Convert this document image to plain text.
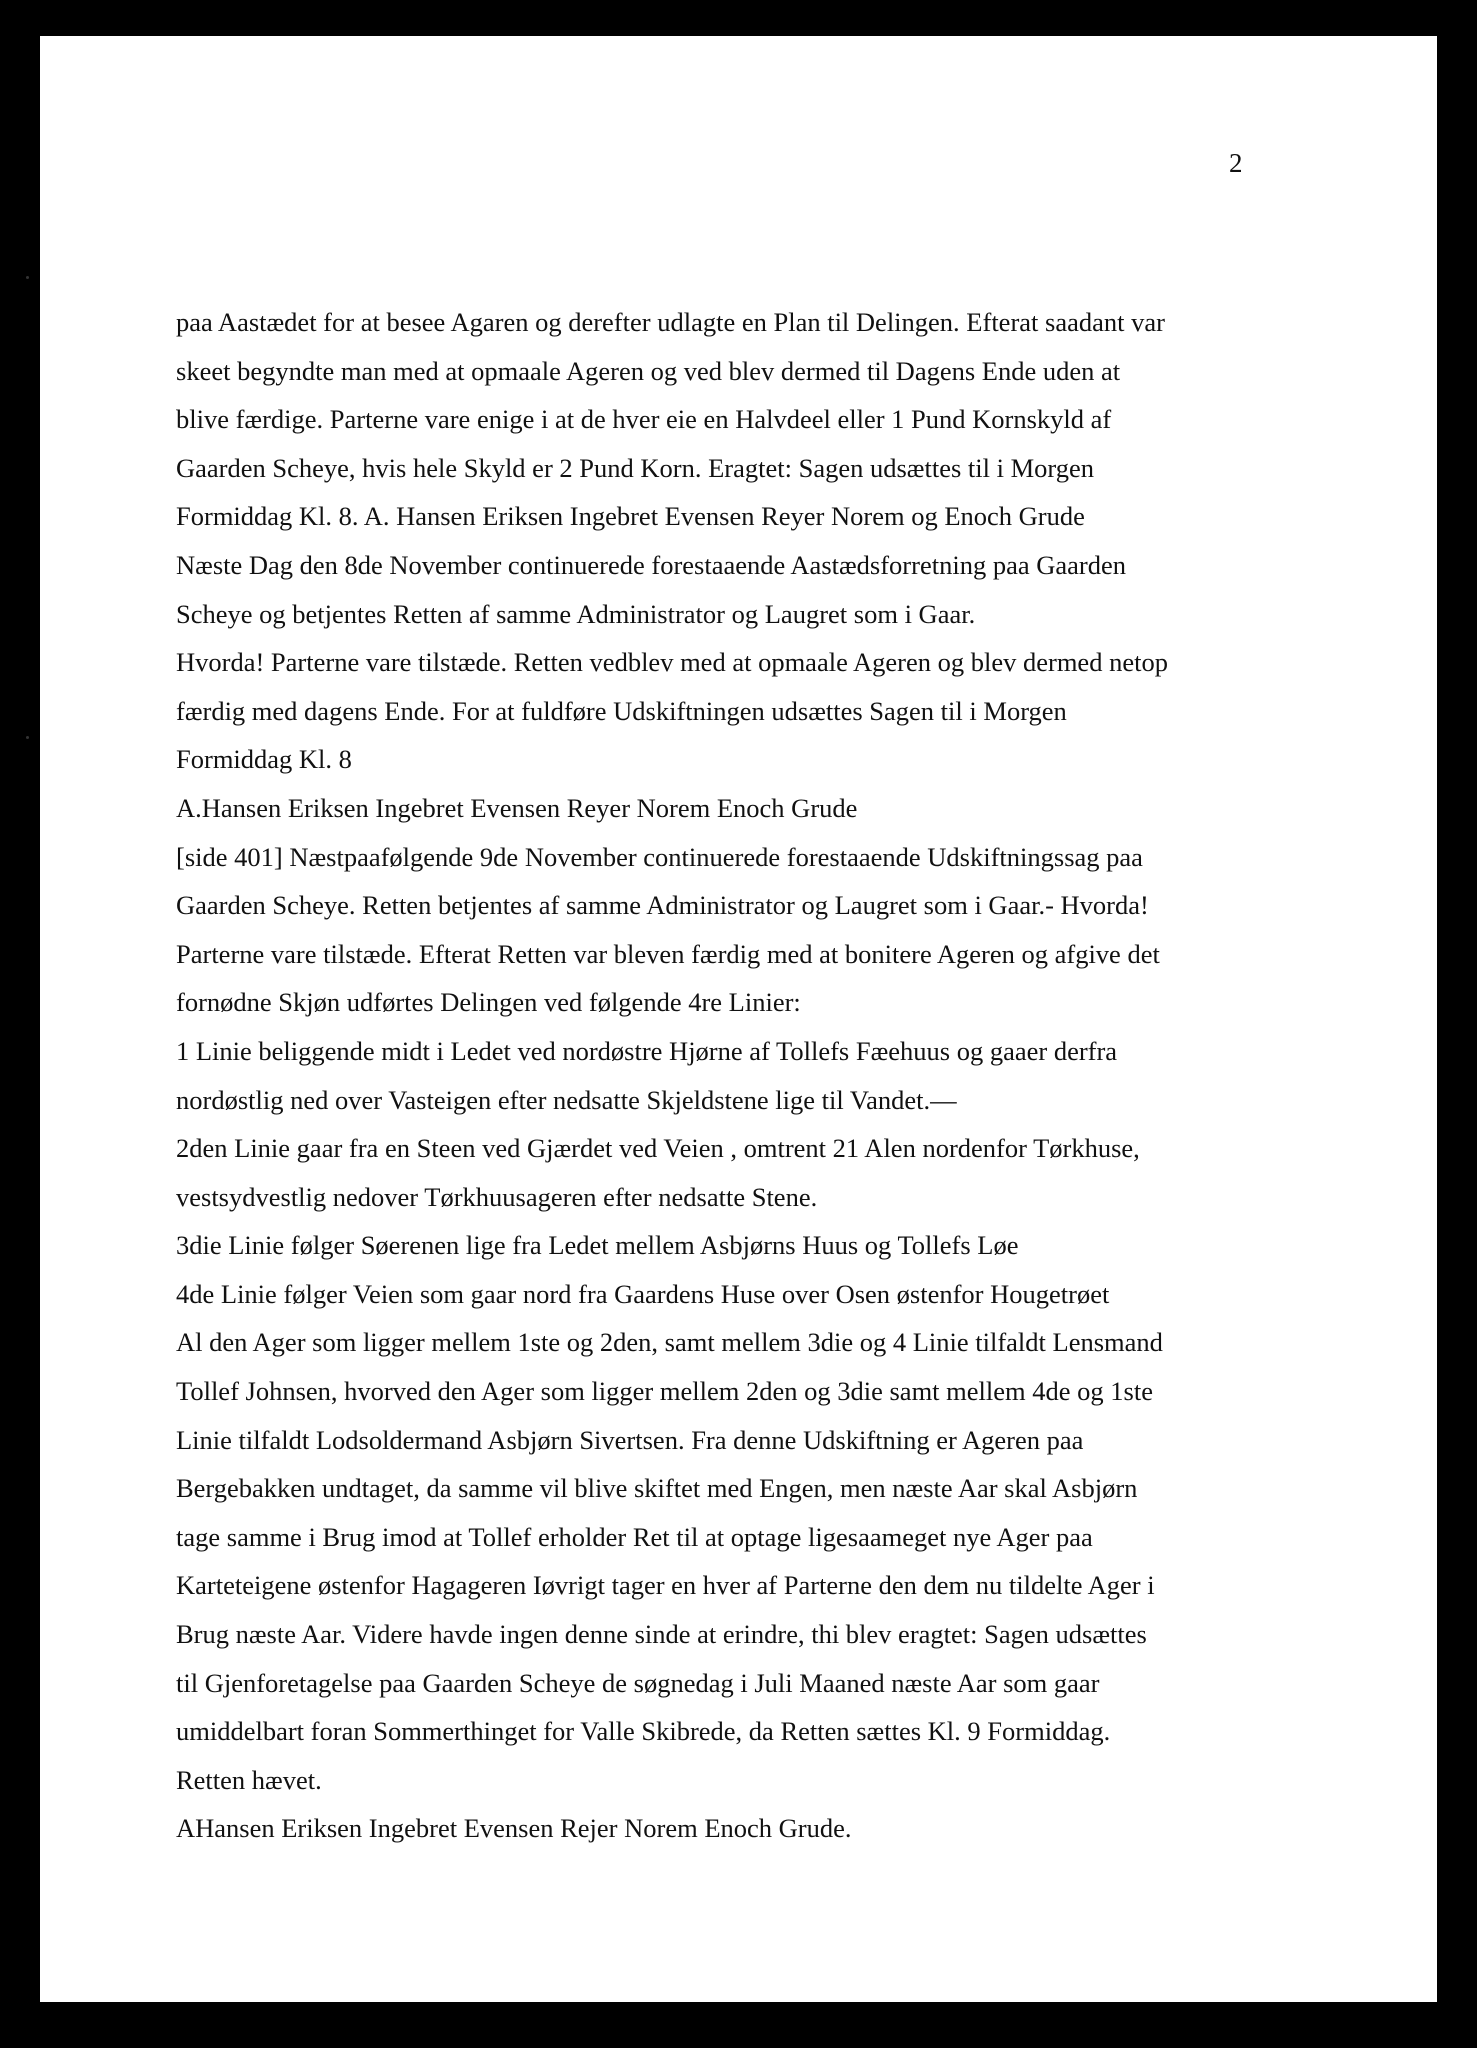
2
paa Aastædet for at besee Agaren og derefter udlagte en Plan til Delingen. Efterat saadant var
skeet begyndte man med at opmaale Ageren og ved blev dermed til Dagens Ende uden at
blive færdige. Parterne vare enige i at de hver eie en Halvdeel eller 1 Pund Kornskyld af
Gaarden Scheye, hvis hele Skyld er 2 Pund Korn. Eragtet: Sagen udsættes til i Morgen
Formiddag Kl. 8. A. Hansen Eriksen Ingebret Evensen Reyer Norem og Enoch Grude
Næste Dag den 8de November continuerede forestaaende Aastædsforretning paa Gaarden
Scheye og betjentes Retten af samme Administrator og Laugret som i Gaar.
Hvorda! Parterne vare tilstæde. Retten vedblev med at opmaale Ageren og blev dermed netop
færdig med dagens Ende. For at fuldføre Udskiftningen udsættes Sagen til i Morgen
Formiddag Kl. 8
A.Hansen Eriksen Ingebret Evensen Reyer Norem Enoch Grude
[side 401] Næstpaafølgende 9de November continuerede forestaaende Udskiftningssag paa
Gaarden Scheye. Retten betjentes af samme Administrator og Laugret som i Gaar.- Hvorda!
Parterne vare tilstæde. Efterat Retten var bleven færdig med at bonitere Ageren og afgive det
fornødne Skjøn udførtes Delingen ved følgende 4re Linier:
1 Linie beliggende midt i Ledet ved nordøstre Hjørne af Tollefs Fæehuus og gaaer derfra
nordøstlig ned over Vasteigen efter nedsatte Skjeldstene lige til Vandet.—
2den Linie gaar fra en Steen ved Gjærdet ved Veien , omtrent 21 Alen nordenfor Tørkhuse,
vestsydvestlig nedover Tørkhuusageren efter nedsatte Stene.
3die Linie følger Søerenen lige fra Ledet mellem Asbjørns Huus og Tollefs Løe
4de Linie følger Veien som gaar nord fra Gaardens Huse over Osen østenfor Hougetrøet
Al den Ager som ligger mellem 1ste og 2den, samt mellem 3die og 4 Linie tilfaldt Lensmand
Tollef Johnsen, hvorved den Ager som ligger mellem 2den og 3die samt mellem 4de og 1ste
Linie tilfaldt Lodsoldermand Asbjørn Sivertsen. Fra denne Udskiftning er Ageren paa
Bergebakken undtaget, da samme vil blive skiftet med Engen, men næste Aar skal Asbjørn
tage samme i Brug imod at Tollef erholder Ret til at optage ligesaameget nye Ager paa
Karteteigene østenfor Hagageren Iøvrigt tager en hver af Parterne den dem nu tildelte Ager i
Brug næste Aar. Videre havde ingen denne sinde at erindre, thi blev eragtet: Sagen udsættes
til Gjenforetagelse paa Gaarden Scheye de søgnedag i Juli Maaned næste Aar som gaar
umiddelbart foran Sommerthinget for Valle Skibrede, da Retten sættes Kl. 9 Formiddag.
Retten hævet.
AHansen Eriksen Ingebret Evensen Rejer Norem Enoch Grude.
